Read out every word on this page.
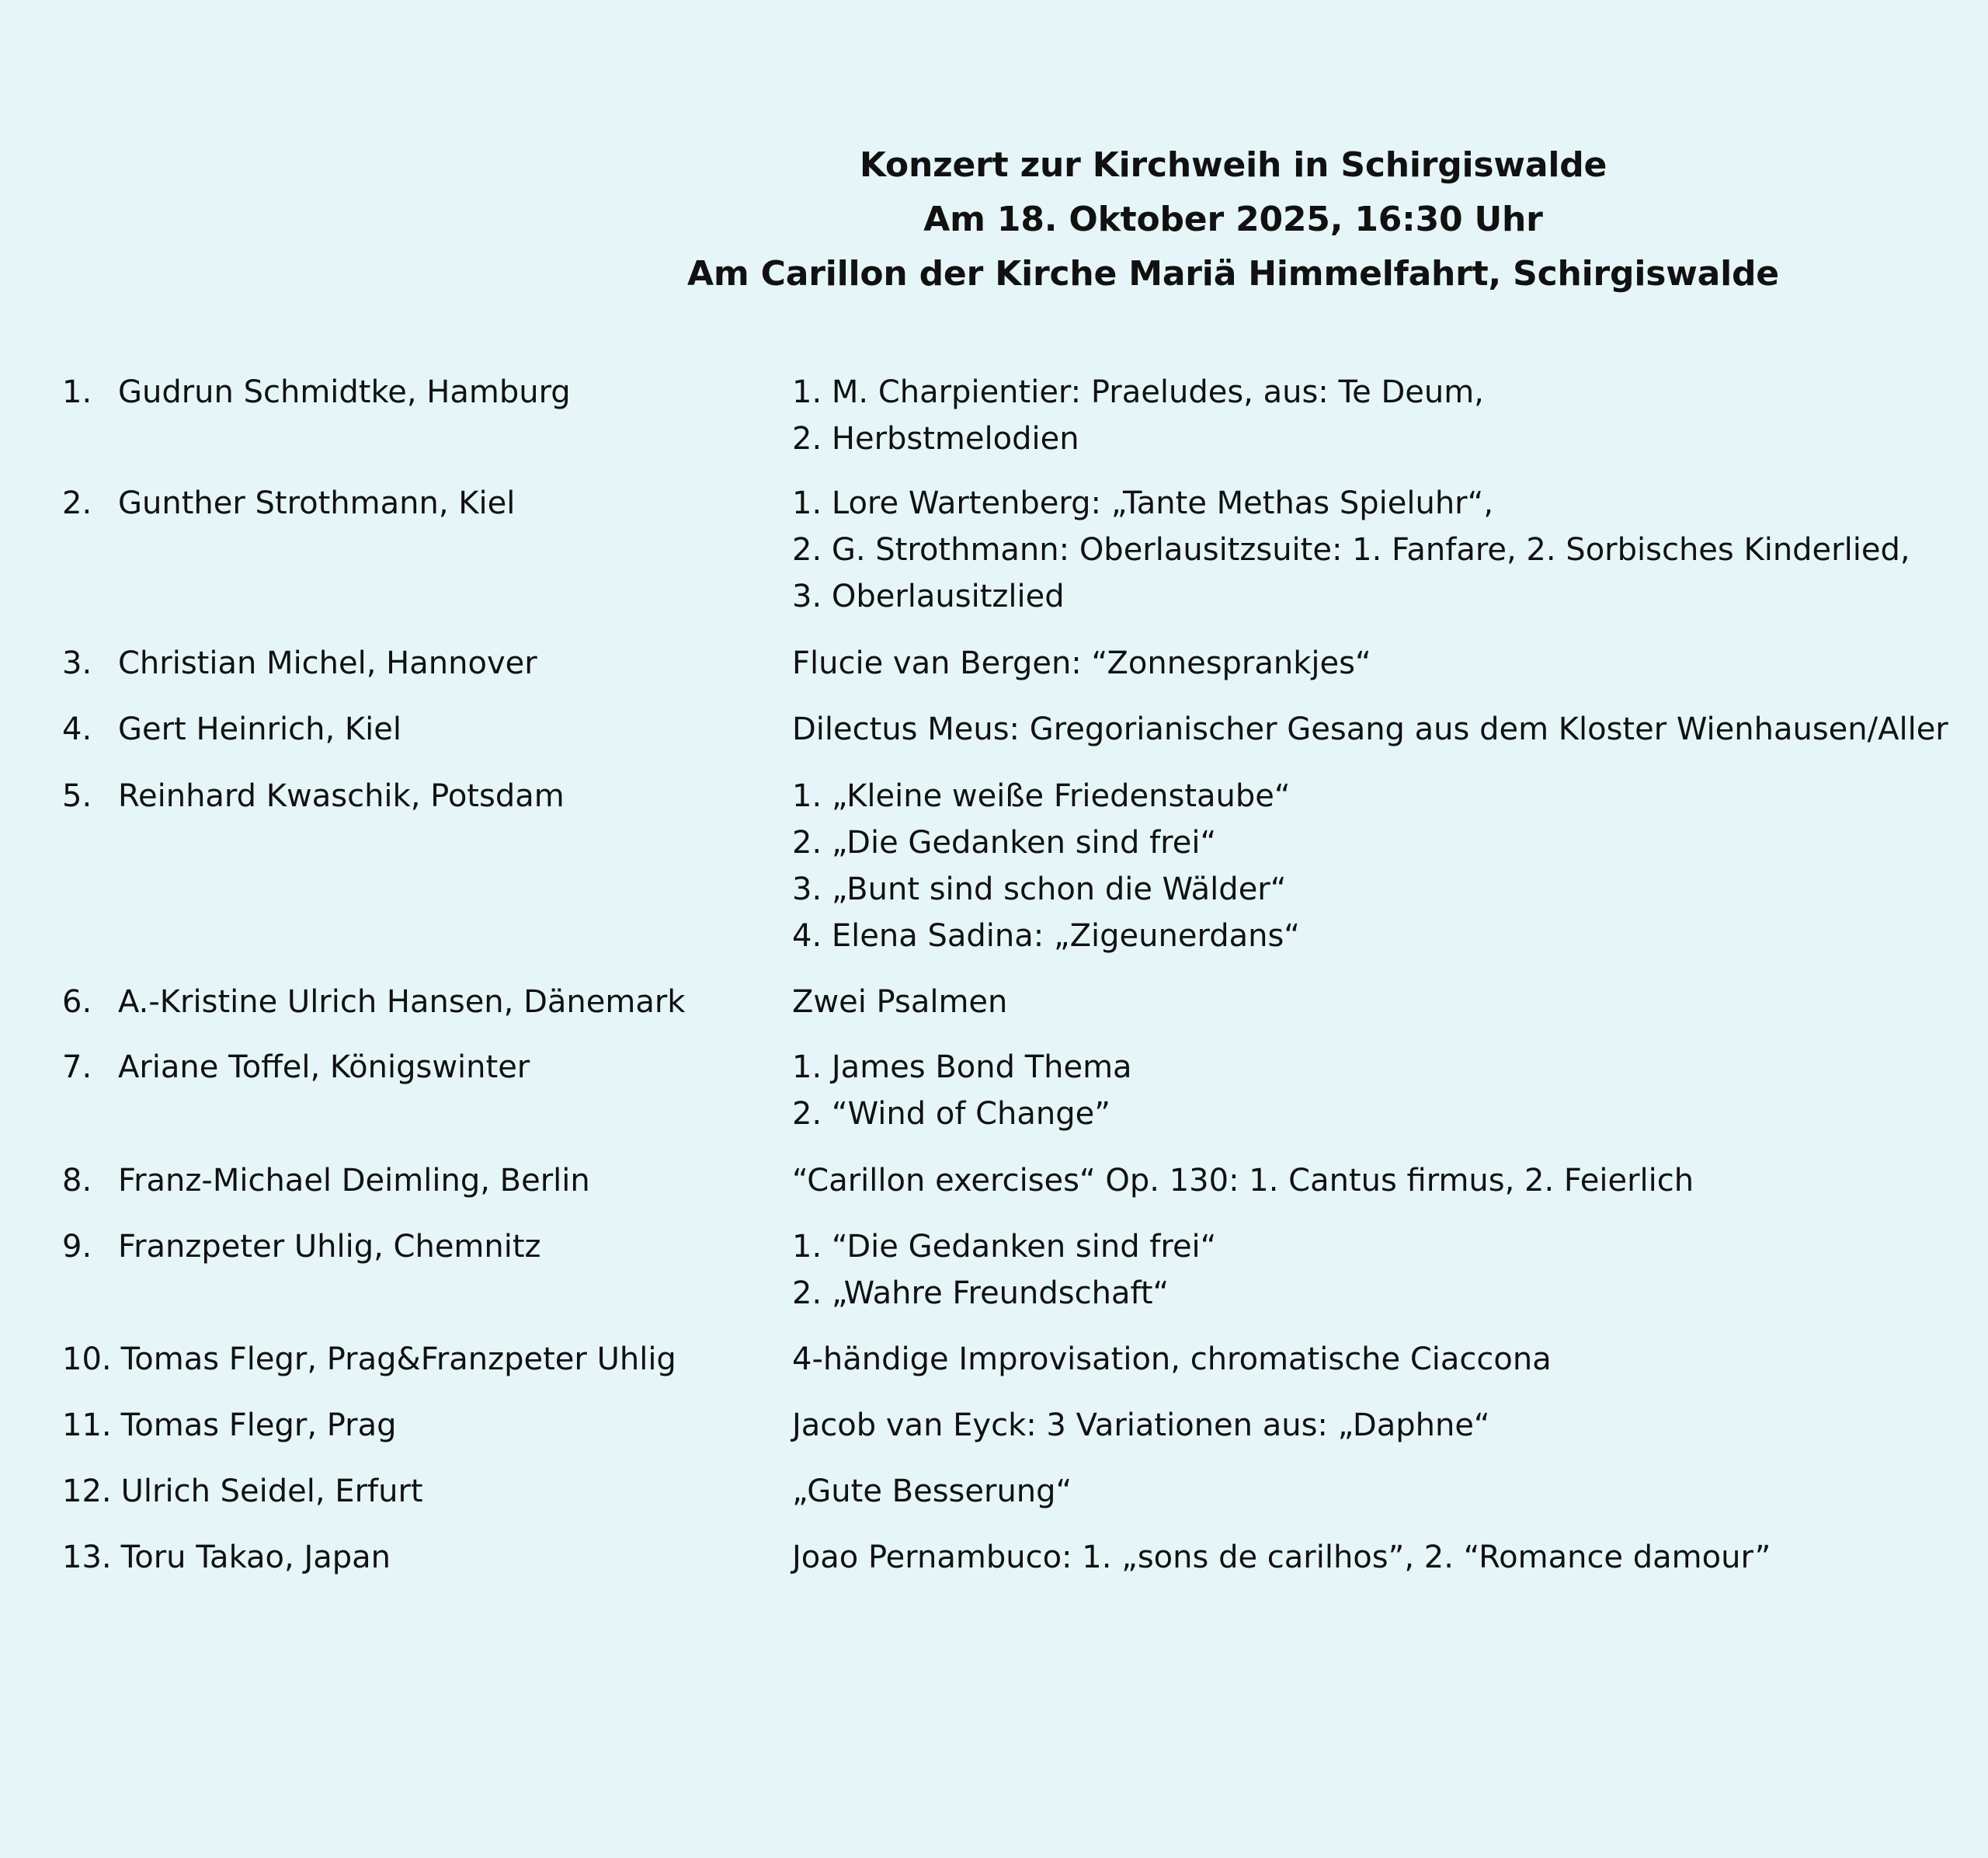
Konzert zur Kirchweih in Schirgiswalde
Am 18. Oktober 2025, 16:30 Uhr
Am Carillon der Kirche Mariä Himmelfahrt, Schirgiswalde
1. Gudrun Schmidtke, Hamburg	1. M. Charpientier: Praeludes, aus: Te Deum,
2. Herbstmelodien
2. Gunther Strothmann, Kiel	1. Lore Wartenberg: „Tante Methas Spieluhr“,
2. G. Strothmann: Oberlausitzsuite: 1. Fanfare, 2. Sorbisches Kinderlied,
3. Oberlausitzlied
3. Christian Michel, Hannover	Flucie van Bergen: “Zonnesprankjes“
4. Gert Heinrich, Kiel	Dilectus Meus: Gregorianischer Gesang aus dem Kloster Wienhausen/Aller
5. Reinhard Kwaschik, Potsdam	1. „Kleine weiße Friedenstaube“
2. „Die Gedanken sind frei“
3. „Bunt sind schon die Wälder“
4. Elena Sadina: „Zigeunerdans“
6. A.-Kristine Ulrich Hansen, Dänemark	Zwei Psalmen
7. Ariane Toffel, Königswinter	1. James Bond Thema
2. “Wind of Change”
8. Franz-Michael Deimling, Berlin	“Carillon exercises“ Op. 130: 1. Cantus firmus, 2. Feierlich
9. Franzpeter Uhlig, Chemnitz	1. “Die Gedanken sind frei“
2. „Wahre Freundschaft“
10. Tomas Flegr, Prag&Franzpeter Uhlig	4-händige Improvisation, chromatische Ciaccona
11. Tomas Flegr, Prag	Jacob van Eyck: 3 Variationen aus: „Daphne“
12. Ulrich Seidel, Erfurt	„Gute Besserung“
13. Toru Takao, Japan	Joao Pernambuco: 1. „sons de carilhos”, 2. “Romance damour”
